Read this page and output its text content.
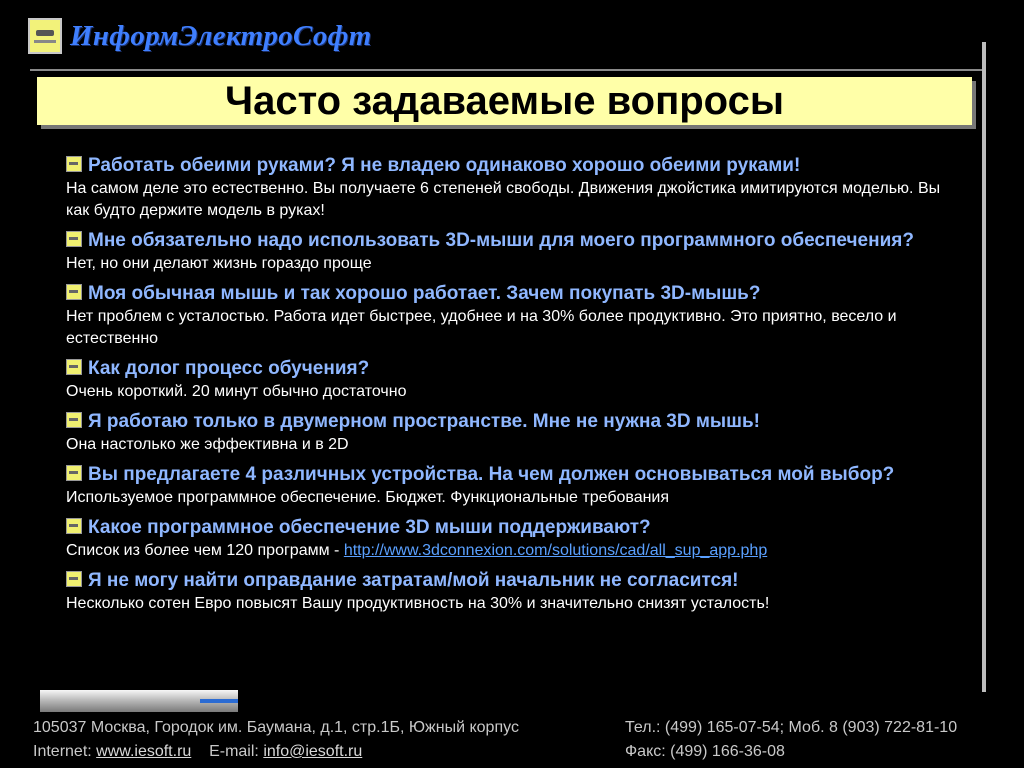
ИнформЭлектроСофт
Часто задаваемые вопросы

Работать обеими руками? Я не владею одинаково хорошо обеими руками!

На самом деле это естественно. Вы получаете 6 степеней свободы. Движения джойстика имитируются моделью. Вы как будто держите модель в руках!

Мне обязательно надо использовать 3D-мыши для моего программного обеспечения?

Нет, но они делают жизнь гораздо проще

Моя обычная мышь и так хорошо работает. Зачем покупать 3D-мышь?

Нет проблем с усталостью. Работа идет быстрее, удобнее и на 30% более продуктивно. Это приятно, весело и естественно

Как долог процесс обучения?

Очень короткий. 20 минут обычно достаточно

Я работаю только в двумерном пространстве. Мне не нужна 3D мышь!

Она настолько же эффективна и в 2D

Вы предлагаете 4 различных устройства. На чем должен основываться мой выбор?

Используемое программное обеспечение. Бюджет. Функциональные требования

Какое программное обеспечение 3D мыши поддерживают?

Список из более чем 120 программ - http://www.3dconnexion.com/solutions/cad/all_sup_app.php

Я не могу найти оправдание затратам/мой начальник не согласится!

Несколько сотен Евро повысят Вашу продуктивность на 30% и значительно снизят усталость!

105037 Москва, Городок им. Баумана, д.1, стр.1Б, Южный корпус
Internet: www.iesoft.ru E-mail: info@iesoft.ru
Тел.: (499) 165-07-54; Моб. 8 (903) 722-81-10
Факс: (499) 166-36-08
